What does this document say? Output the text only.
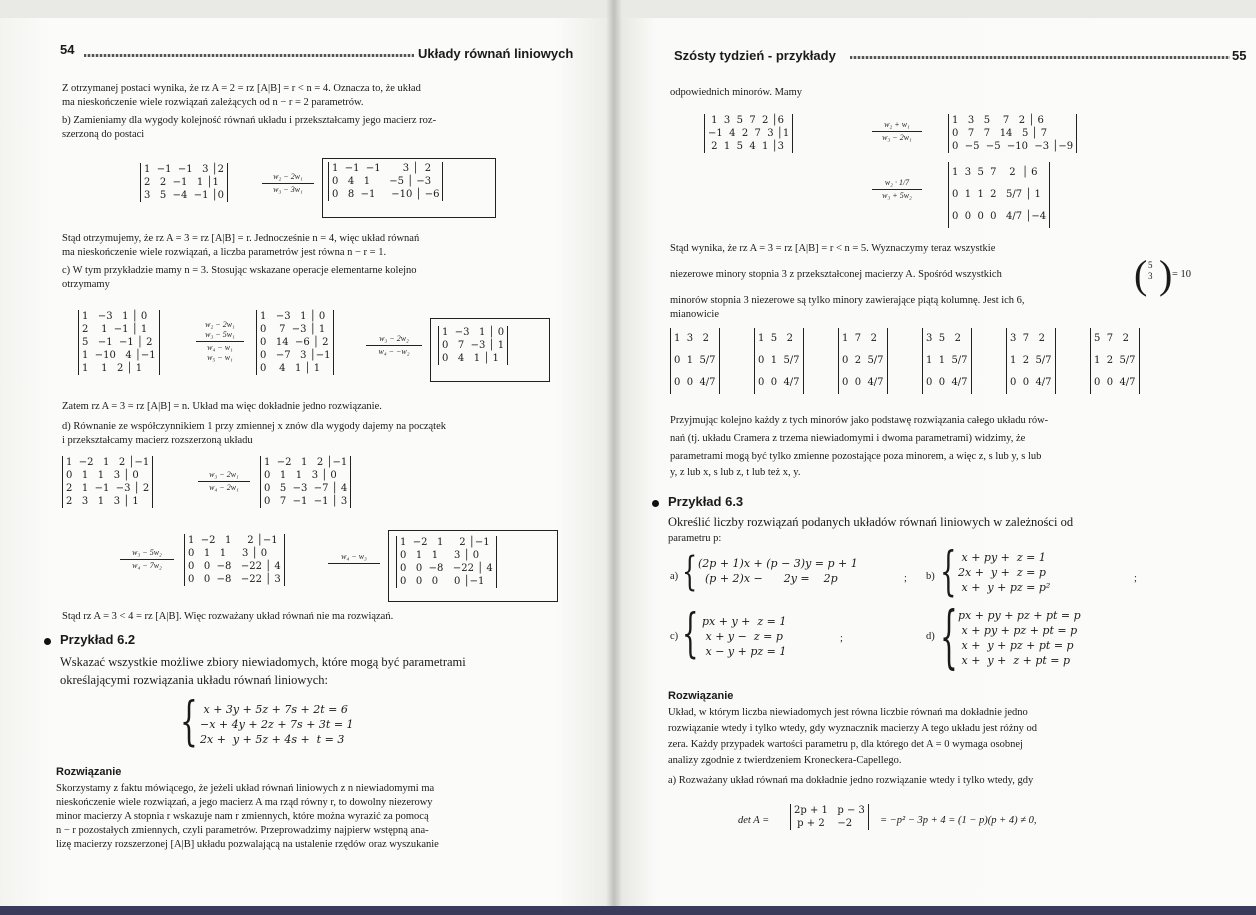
54	Układy równań liniowych
Z otrzymanej postaci wynika, że rz A = 2 = rz [A|B] = r < n = 4. Oznacza to, że układ
ma nieskończenie wiele rozwiązań zależących od n − r = 2 parametrów.
b) Zamieniamy dla wygody kolejność równań układu i przekształcamy jego macierz roz-
szerzoną do postaci
1  −1  −1   3 │2
2   2  −1   1 │1
3   5  −4  −1 │0
w₂ − 2w₁
w₃ − 3w₁
1  −1  −1       3 │  2
0   4   1      −5 │ −3
0   8  −1     −10 │ −6
Stąd otrzymujemy, że rz A = 3 = rz [A|B] = r. Jednocześnie n = 4, więc układ równań
ma nieskończenie wiele rozwiązań, a liczba parametrów jest równa n − r = 1.
c) W tym przykładzie mamy n = 3. Stosując wskazane operacje elementarne kolejno
otrzymamy
1   −3   1 │ 0
2    1  −1 │ 1
5   −1  −1 │ 2
1  −10   4 │−1
1    1   2 │ 1
w₂ − 2w₁
w₃ − 5w₁
w₄ − w₁
w₅ − w₁
1   −3   1 │ 0
0    7  −3 │ 1
0   14  −6 │ 2
0   −7   3 │−1
0    4   1 │ 1
w₃ − 2w₂
w₄ − −w₂
1  −3   1 │ 0
0   7  −3 │ 1
0   4   1 │ 1
Zatem rz A = 3 = rz [A|B] = n. Układ ma więc dokładnie jedno rozwiązanie.
d) Równanie ze współczynnikiem 1 przy zmiennej x znów dla wygody dajemy na początek
i przekształcamy macierz rozszerzoną układu
1  −2   1   2 │−1
0   1   1   3 │ 0
2   1  −1  −3 │ 2
2   3   1   3 │ 1
w₃ − 2w₁
w₄ − 2w₁
1  −2   1   2 │−1
0   1   1   3 │ 0
0   5  −3  −7 │ 4
0   7  −1  −1 │ 3
w₃ − 5w₂
w₄ − 7w₂
1  −2   1     2 │−1
0   1   1     3 │ 0
0   0  −8   −22 │ 4
0   0  −8   −22 │ 3
w₄ − w₃

1  −2   1     2 │−1
0   1   1     3 │ 0
0   0  −8   −22 │ 4
0   0   0     0 │−1
Stąd rz A = 3 < 4 = rz [A|B]. Więc rozważany układ równań nie ma rozwiązań.
Przykład 6.2
Wskazać wszystkie możliwe zbiory niewiadomych, które mogą być parametrami
określającymi rozwiązania układu równań liniowych:
{ x + 3y + 5z + 7s + 2t = 6
−x + 4y + 2z + 7s + 3t = 1
2x +  y + 5z + 4s +  t = 3
Rozwiązanie
Skorzystamy z faktu mówiącego, że jeżeli układ równań liniowych z n niewiadomymi ma
nieskończenie wiele rozwiązań, a jego macierz A ma rząd równy r, to dowolny niezerowy
minor macierzy A stopnia r wskazuje nam r zmiennych, które można wyrazić za pomocą
n − r pozostałych zmiennych, czyli parametrów. Przeprowadzimy najpierw wstępną ana-
lizę macierzy rozszerzonej [A|B] układu pozwalającą na ustalenie rzędów oraz wyszukanie
Szósty tydzień - przykłady	55
odpowiednich minorów. Mamy
1  3  5  7  2 │6
−1  4  2  7  3 │1
2  1  5  4  1 │3
w₂ + w₁
w₃ − 2w₁
1   3   5    7   2 │ 6
0   7   7   14   5 │ 7
0  −5  −5  −10  −3 │−9
w₂ · 1/7
w₃ + 5w₂
1  3  5  7    2  │ 6
0  1  1  2   5/7 │ 1
0  0  0  0   4/7 │−4
Stąd wynika, że rz A = 3 = rz [A|B] = r < n = 5. Wyznaczymy teraz wszystkie
niezerowe minory stopnia 3 z przekształconej macierzy A. Spośród wszystkich	( 5
3 ) = 10
minorów stopnia 3 niezerowe są tylko minory zawierające piątą kolumnę. Jest ich 6,
mianowicie
1  3   2
0  1  5/7
0  0  4/7
1  5   2
0  1  5/7
0  0  4/7
1  7   2
0  2  5/7
0  0  4/7
3  5   2
1  1  5/7
0  0  4/7
3  7   2
1  2  5/7
0  0  4/7
5  7   2
1  2  5/7
0  0  4/7
Przyjmując kolejno każdy z tych minorów jako podstawę rozwiązania całego układu rów-
nań (tj. układu Cramera z trzema niewiadomymi i dwoma parametrami) widzimy, że
parametrami mogą być tylko zmienne pozostające poza minorem, a więc z, s lub y, s lub
y, z lub x, s lub z, t lub też x, y.
Przykład 6.3
Określić liczby rozwiązań podanych układów równań liniowych w zależności od
parametru p:
a) { (2p + 1)x + (p − 3)y = p + 1
(p + 2)x −      2y =    2p	; b) { x + py +  z = 1
2x +  y +  z = p
x +  y + pz = p²
;
c) { px + y +  z = 1
x + y −  z = p
x − y + pz = 1
;	d) { px + py + pz + pt = p
x + py + pz + pt = p
x +  y + pz + pt = p
x +  y +  z + pt = p
Rozwiązanie
Układ, w którym liczba niewiadomych jest równa liczbie równań ma dokładnie jedno
rozwiązanie wtedy i tylko wtedy, gdy wyznacznik macierzy A tego układu jest różny od
zera. Każdy przypadek wartości parametru p, dla którego det A = 0 wymaga osobnej
analizy zgodnie z twierdzeniem Kroneckera-Capellego.
a) Rozważany układ równań ma dokładnie jedno rozwiązanie wtedy i tylko wtedy, gdy
det A =
2p + 1   p − 3
p + 2    −2	= −p² − 3p + 4 = (1 − p)(p + 4) ≠ 0,
